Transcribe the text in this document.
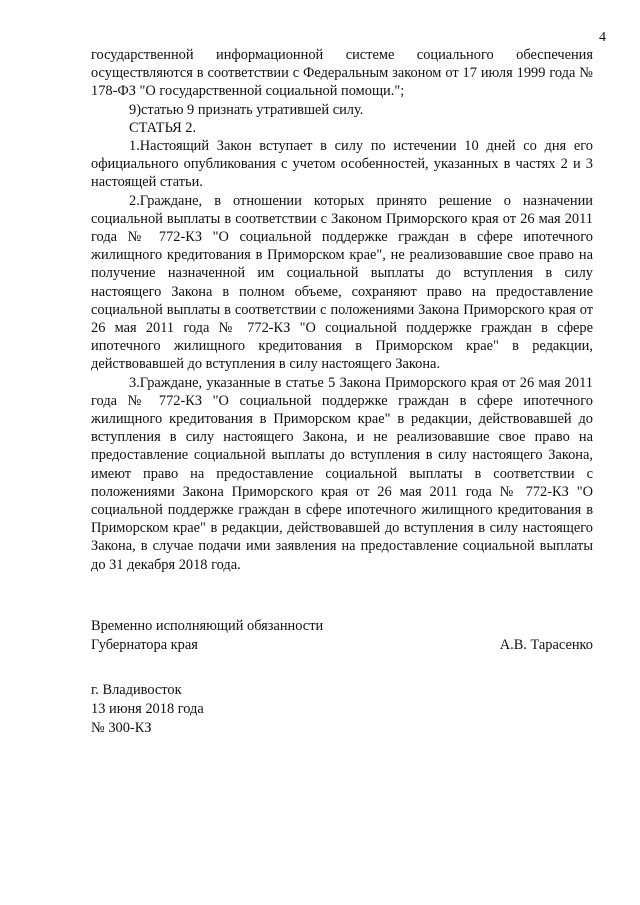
4

государственной информационной системе социального обеспечения осуществляются в соответствии с Федеральным законом от 17 июля 1999 года № 178-ФЗ "О государственной социальной помощи.";

9)статью 9 признать утратившей силу.

СТАТЬЯ 2.

1.Настоящий Закон вступает в силу по истечении 10 дней со дня его официального опубликования с учетом особенностей, указанных в частях 2 и 3 настоящей статьи.

2.Граждане, в отношении которых принято решение о назначении социальной выплаты в соответствии с Законом Приморского края от 26 мая 2011 года № 772-КЗ "О социальной поддержке граждан в сфере ипотечного жилищного кредитования в Приморском крае", не реализовавшие свое право на получение назначенной им социальной выплаты до вступления в силу настоящего Закона в полном объеме, сохраняют право на предоставление социальной выплаты в соответствии с положениями Закона Приморского края от 26 мая 2011 года № 772-КЗ "О социальной поддержке граждан в сфере ипотечного жилищного кредитования в Приморском крае" в редакции, действовавшей до вступления в силу настоящего Закона.

3.Граждане, указанные в статье 5 Закона Приморского края от 26 мая 2011 года № 772-КЗ "О социальной поддержке граждан в сфере ипотечного жилищного кредитования в Приморском крае" в редакции, действовавшей до вступления в силу настоящего Закона, и не реализовавшие свое право на предоставление социальной выплаты до вступления в силу настоящего Закона, имеют право на предоставление социальной выплаты в соответствии с положениями Закона Приморского края от 26 мая 2011 года № 772-КЗ "О социальной поддержке граждан в сфере ипотечного жилищного кредитования в Приморском крае" в редакции, действовавшей до вступления в силу настоящего Закона, в случае подачи ими заявления на предоставление социальной выплаты до 31 декабря 2018 года.

Временно исполняющий обязанности
Губернатора края	А.В. Тарасенко
г. Владивосток
13 июня 2018 года
№ 300-КЗ
